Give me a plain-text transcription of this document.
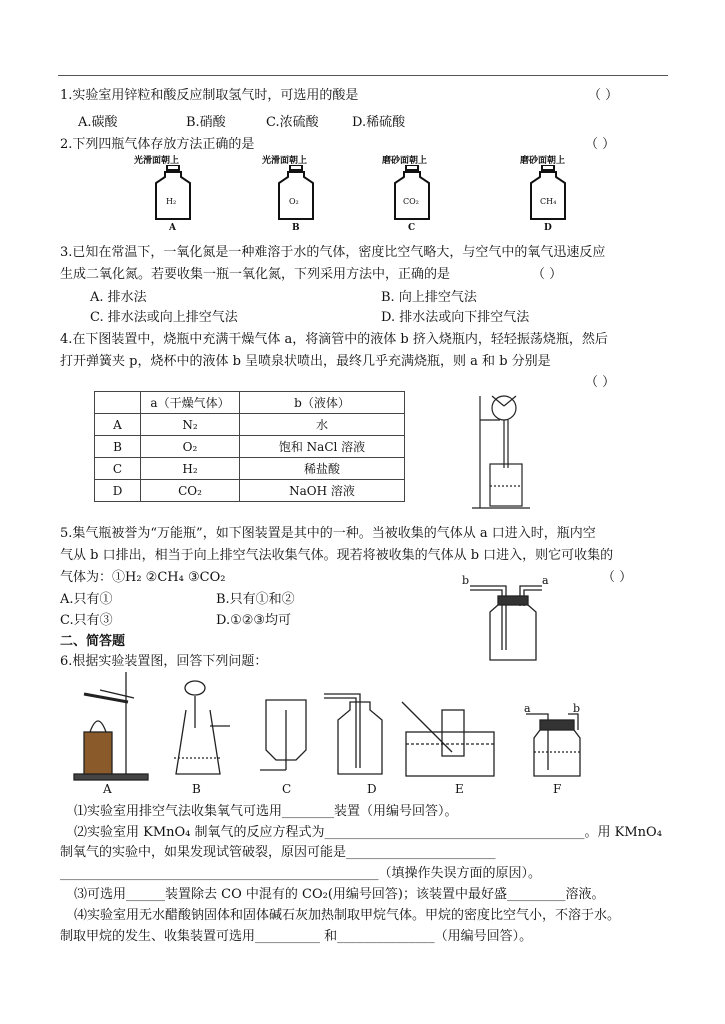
1.实验室用锌粒和酸反应制取氢气时，可选用的酸是	（ ）
A.碳酸	B.硝酸	C.浓硫酸	D.稀硫酸
2.下列四瓶气体存放方法正确的是	（ ）
光滑面朝上	光滑面朝上	磨砂面朝上	磨砂面朝上
H₂	O₂	CO₂	CH₄
A	B	C	D
3.已知在常温下，一氧化氮是一种难溶于水的气体，密度比空气略大，与空气中的氧气迅速反应
生成二氧化氮。若要收集一瓶一氧化氮，下列采用方法中，正确的是	（ ）
A. 排水法	B. 向上排空气法
C. 排水法或向上排空气法	D. 排水法或向下排空气法
4.在下图装置中，烧瓶中充满干燥气体 a，将滴管中的液体 b 挤入烧瓶内，轻轻振荡烧瓶，然后
打开弹簧夹 p，烧杯中的液体 b 呈喷泉状喷出，最终几乎充满烧瓶，则 a 和 b 分别是
（ ）
	a（干燥气体）	b（液体）
A	N₂	水
B	O₂	饱和 NaCl 溶液
C	H₂	稀盐酸
D	CO₂	NaOH 溶液
5.集气瓶被誉为“万能瓶”，如下图装置是其中的一种。当被收集的气体从 a 口进入时，瓶内空
气从 b 口排出，相当于向上排空气法收集气体。现若将被收集的气体从 b 口进入，则它可收集的
气体为：①H₂ ②CH₄ ③CO₂	（ ）
A.只有①	B.只有①和②
C.只有③	D.①②③均可
b	a
二、简答题
6.根据实验装置图，回答下列问题：
A	B	C	D	E	F
a	b
⑴实验室用排空气法收集氧气可选用________装置（用编号回答）。
⑵实验室用 KMnO₄ 制氧气的反应方程式为________________________________________。用 KMnO₄
制氧气的实验中，如果发现试管破裂，原因可能是_______________________
_________________________________________________（填操作失误方面的原因）。
⑶可选用______装置除去 CO 中混有的 CO₂(用编号回答)；该装置中最好盛_________溶液。
⑷实验室用无水醋酸钠固体和固体碱石灰加热制取甲烷气体。甲烷的密度比空气小，不溶于水。
制取甲烷的发生、收集装置可选用__________ 和_______________（用编号回答）。
